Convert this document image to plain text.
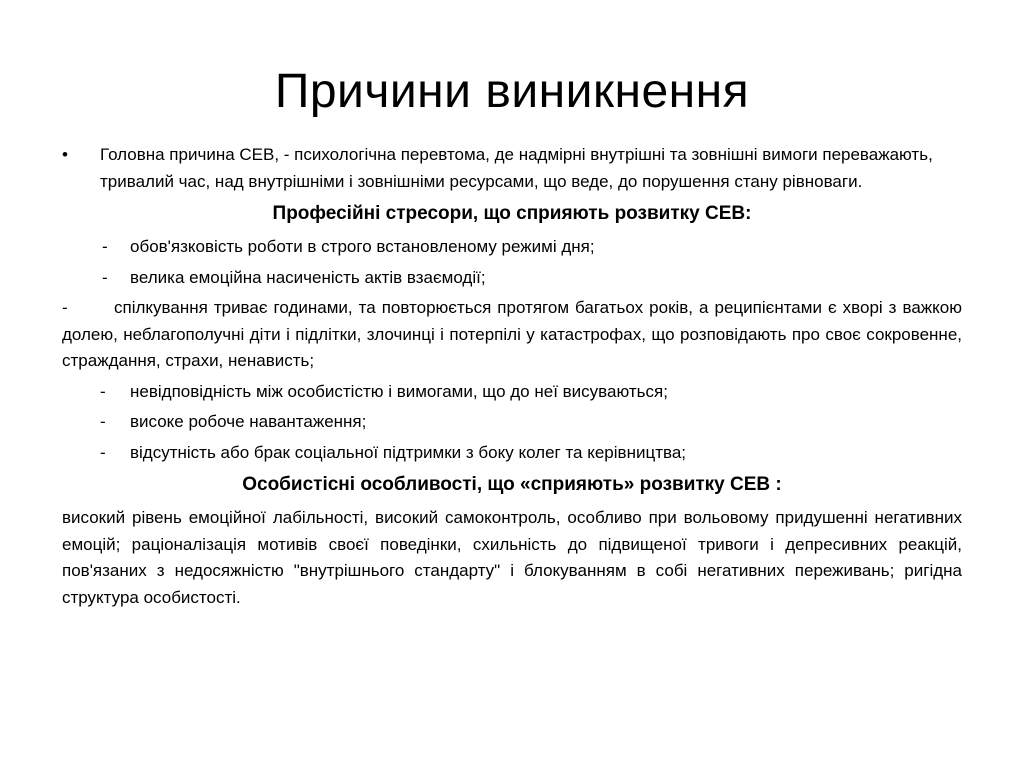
Причини виникнення
• Головна причина СЕВ, - психологічна перевтома, де надмірні внутрішні та зовнішні вимоги переважають, тривалий час, над внутрішніми і зовнішніми ресурсами, що веде, до порушення стану рівноваги.
Професійні стресори, що сприяють розвитку СЕВ:
- обов'язковість роботи в строго встановленому режимі дня;
- велика емоційна насиченість актів взаємодії;
-	спілкування триває годинами, та повторюється протягом багатьох років, а реципієнтами є хворі з важкою долею, неблагополучні діти і підлітки, злочинці і потерпілі у катастрофах, що розповідають про своє сокровенне, страждання, страхи, ненависть;
- невідповідність між особистістю і вимогами, що до неї висуваються;
- високе робоче навантаження;
- відсутність або брак соціальної підтримки з боку колег та керівництва;
Особистісні особливості, що «сприяють» розвитку СЕВ :
високий рівень емоційної лабільності, високий самоконтроль, особливо при вольовому придушенні негативних емоцій; раціоналізація мотивів своєї поведінки, схильність до підвищеної тривоги і депресивних реакцій, пов'язаних з недосяжністю "внутрішнього стандарту" і блокуванням в собі негативних переживань; ригідна структура особистості.
